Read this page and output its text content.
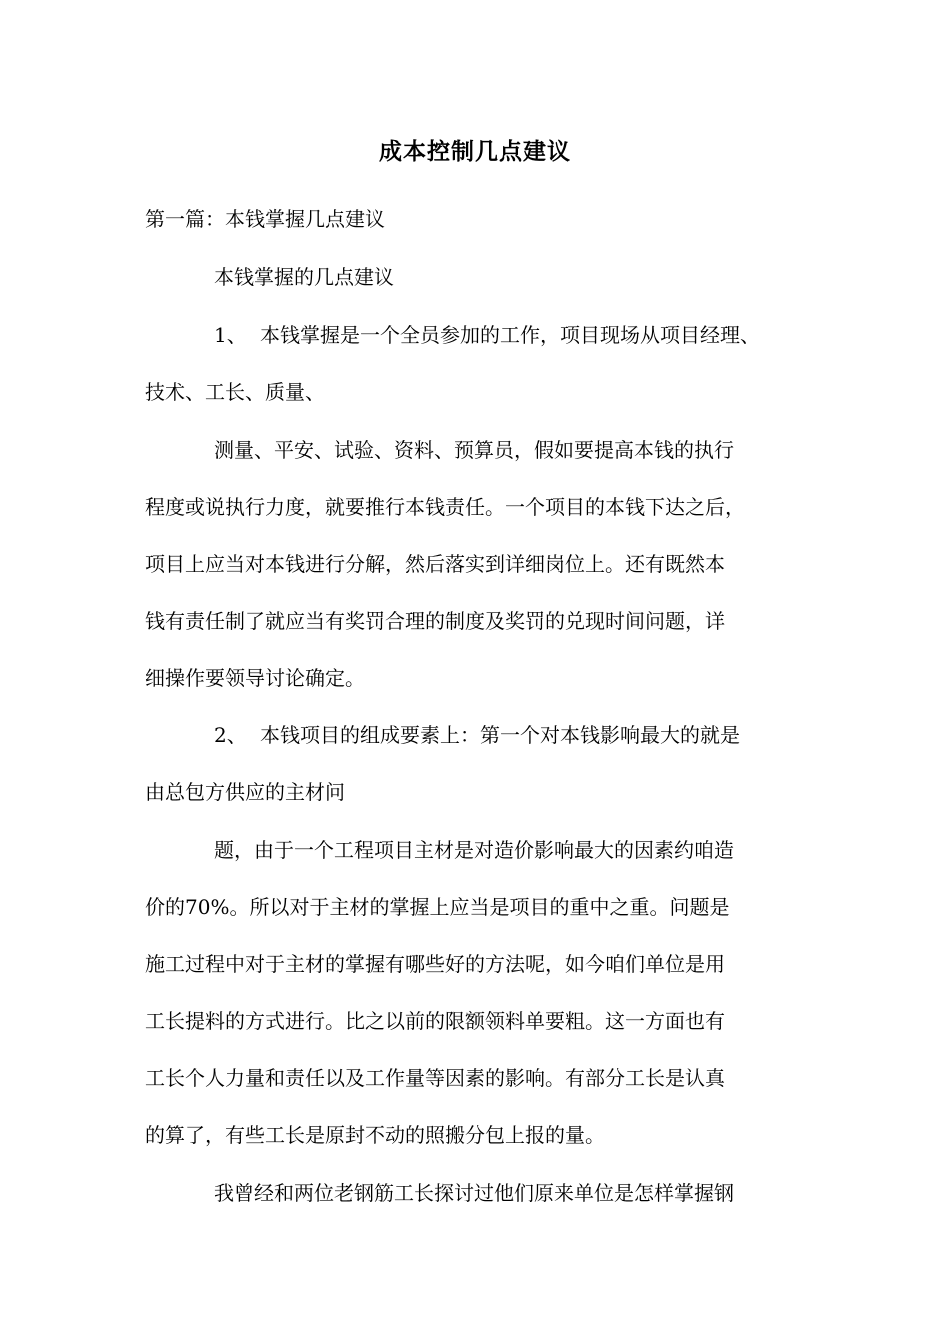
成本控制几点建议
第一篇：本钱掌握几点建议
本钱掌握的几点建议
1、 本钱掌握是一个全员参加的工作，项目现场从项目经理、
技术、工长、质量、
测量、平安、试验、资料、预算员，假如要提高本钱的执行
程度或说执行力度，就要推行本钱责任。一个项目的本钱下达之后，
项目上应当对本钱进行分解，然后落实到详细岗位上。还有既然本
钱有责任制了就应当有奖罚合理的制度及奖罚的兑现时间问题，详
细操作要领导讨论确定。
2、 本钱项目的组成要素上：第一个对本钱影响最大的就是
由总包方供应的主材问
题，由于一个工程项目主材是对造价影响最大的因素约咱造
价的70%。所以对于主材的掌握上应当是项目的重中之重。问题是
施工过程中对于主材的掌握有哪些好的方法呢，如今咱们单位是用
工长提料的方式进行。比之以前的限额领料单要粗。这一方面也有
工长个人力量和责任以及工作量等因素的影响。有部分工长是认真
的算了，有些工长是原封不动的照搬分包上报的量。
我曾经和两位老钢筋工长探讨过他们原来单位是怎样掌握钢
